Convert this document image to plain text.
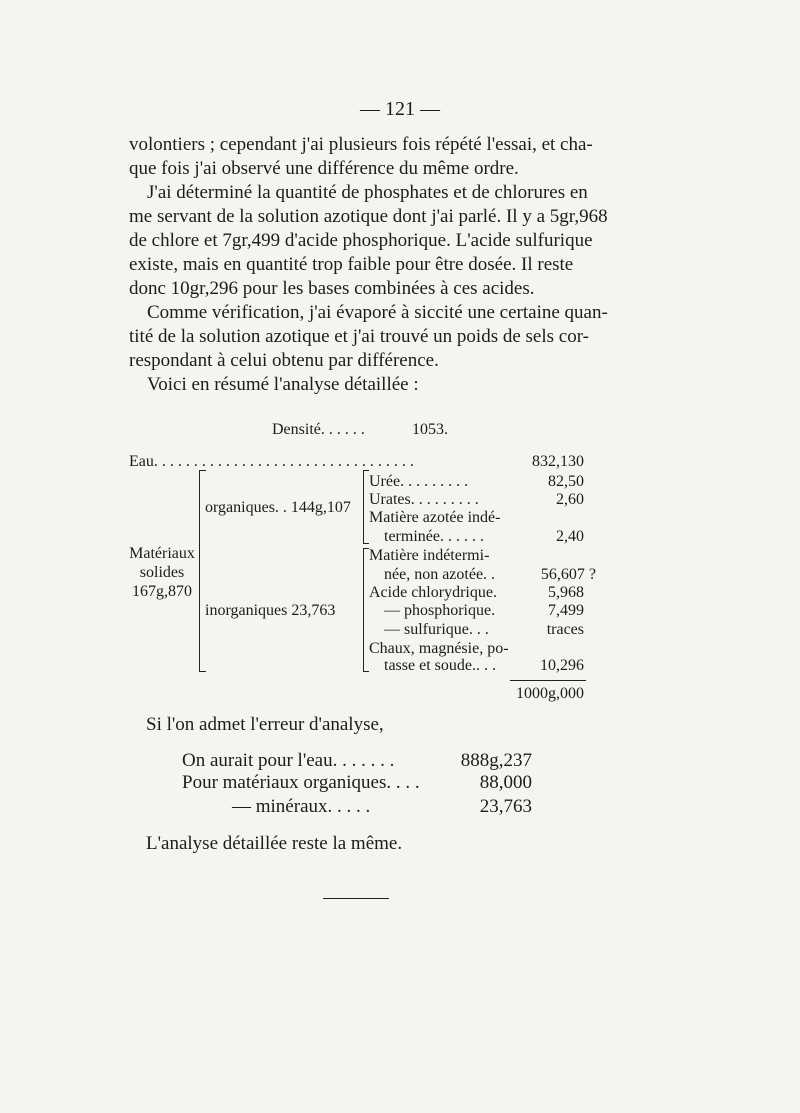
— 121 —
volontiers ; cependant j'ai plusieurs fois répété l'essai, et cha-
que fois j'ai observé une différence du même ordre.
J'ai déterminé la quantité de phosphates et de chlorures en
me servant de la solution azotique dont j'ai parlé. Il y a 5gr,968
de chlore et 7gr,499 d'acide phosphorique. L'acide sulfurique
existe, mais en quantité trop faible pour être dosée. Il reste
donc 10gr,296 pour les bases combinées à ces acides.
Comme vérification, j'ai évaporé à siccité une certaine quan-
tité de la solution azotique et j'ai trouvé un poids de sels cor-
respondant à celui obtenu par différence.
Voici en résumé l'analyse détaillée :
Densité. . . . . .	1053.
Eau. . . . . . . . . . . . . . . . . . . . . . . . . . . . . . . . .	832,130
Matériaux
solides
167g,870
organiques. . 144g,107
inorganiques 23,763
Urée. . . . . . . . .	82,50
Urates. . . . . . . . .	2,60
Matière azotée indé-
terminée. . . . . .	2,40
Matière indétermi-
née, non azotée. .	56,607 ?
Acide chlorydrique.	5,968
— phosphorique.	7,499
— sulfurique. . .	traces
Chaux, magnésie, po-
tasse et soude.. . .	10,296
1000g,000
Si l'on admet l'erreur d'analyse,
On aurait pour l'eau. . . . . . .	888g,237
Pour matériaux organiques. . . .	88,000
— minéraux. . . . .	23,763
L'analyse détaillée reste la même.
